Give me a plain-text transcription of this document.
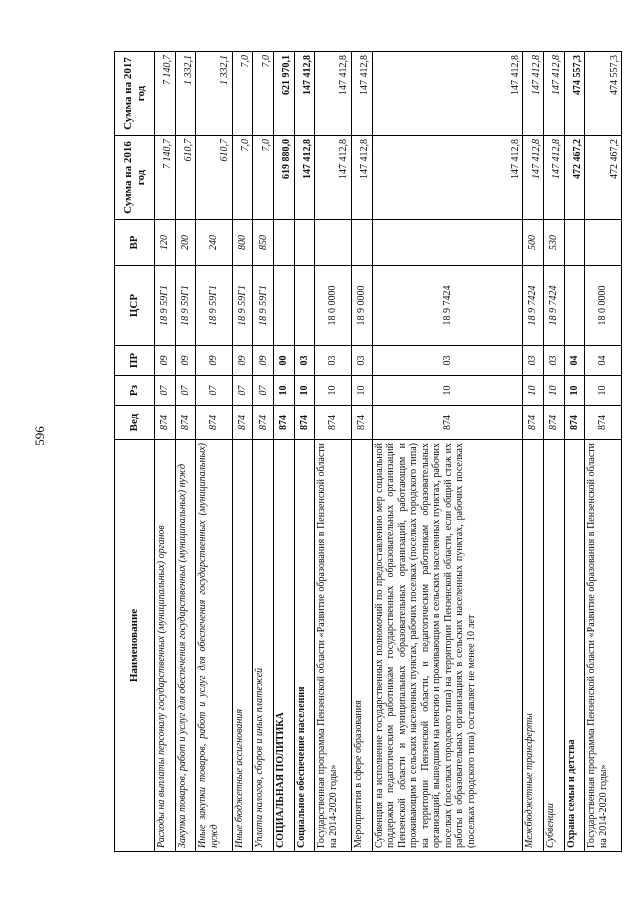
596
Наименование	Вед	Рз	ПР	ЦСР	ВР	Сумма на 2016 год	Сумма на 2017 год
Расходы на выплаты персоналу государственных (муниципальных) органов	874	07	09	18 9 59Г1	120	7 140,7	7 140,7
Закупка товаров, работ и услуг для обеспечения государственных (муниципальных) нужд	874	07	09	18 9 59Г1	200	610,7	1 332,1
Иные закупки товаров, работ и услуг для обеспечения государственных (муниципальных) нужд	874	07	09	18 9 59Г1	240	610,7	1 332,1
Иные бюджетные ассигнования	874	07	09	18 9 59Г1	800	7,0	7,0
Уплата налогов, сборов и иных платежей	874	07	09	18 9 59Г1	850	7,0	7,0
СОЦИАЛЬНАЯ ПОЛИТИКА	874	10	00			619 880,0	621 970,1
Социальное обеспечение населения	874	10	03			147 412,8	147 412,8
Государственная программа Пензенской области «Развитие образования в Пензенской области на 2014-2020 годы»	874	10	03	18 0 0000		147 412,8	147 412,8
Мероприятия в сфере образования	874	10	03	18 9 0000		147 412,8	147 412,8
Субвенция на исполнение государственных полномочий по предоставлению мер социальной поддержки педагогическим работникам государственных образовательных организаций Пензенской области и муниципальных образовательных организаций, работающим и проживающим в сельских населенных пунктах, рабочих поселках (поселках городского типа) на территории Пензенской области, и педагогическим работникам образовательных организаций, вышедшим на пенсию и проживающим в сельских населенных пунктах, рабочих поселках (поселках городского типа) на территории Пензенской области, если общий стаж их работы в образовательных организациях в сельских населенных пунктах, рабочих поселках (поселках городского типа) составляет не менее 10 лет	874	10	03	18 9 7424		147 412,8	147 412,8
Межбюджетные трансферты	874	10	03	18 9 7424	500	147 412,8	147 412,8
Субвенции	874	10	03	18 9 7424	530	147 412,8	147 412,8
Охрана семьи и детства	874	10	04			472 467,2	474 557,3
Государственная программа Пензенской области «Развитие образования в Пензенской области на 2014-2020 годы»	874	10	04	18 0 0000		472 467,2	474 557,3
